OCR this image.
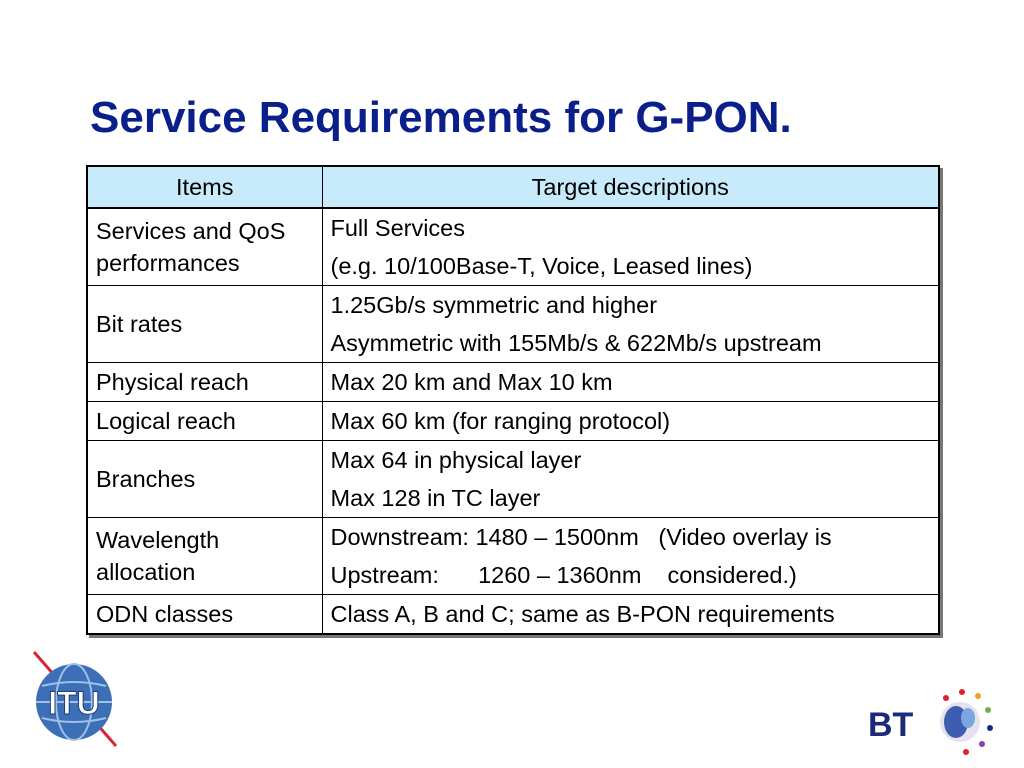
Service Requirements for G-PON.
Items	Target descriptions
Services and QoS performances	Full Services
(e.g. 10/100Base-T, Voice, Leased lines)

Bit rates	1.25Gb/s symmetric and higher
Asymmetric with 155Mb/s & 622Mb/s upstream

Physical reach	Max 20 km and Max 10 km

Logical reach	Max 60 km (for ranging protocol)

Branches	Max 64 in physical layer
Max 128 in TC layer

Wavelength allocation	Downstream: 1480 – 1500nm   (Video overlay is
Upstream:      1260 – 1360nm    considered.)

ODN classes	Class A, B and C; same as B-PON requirements
ITU
BT
